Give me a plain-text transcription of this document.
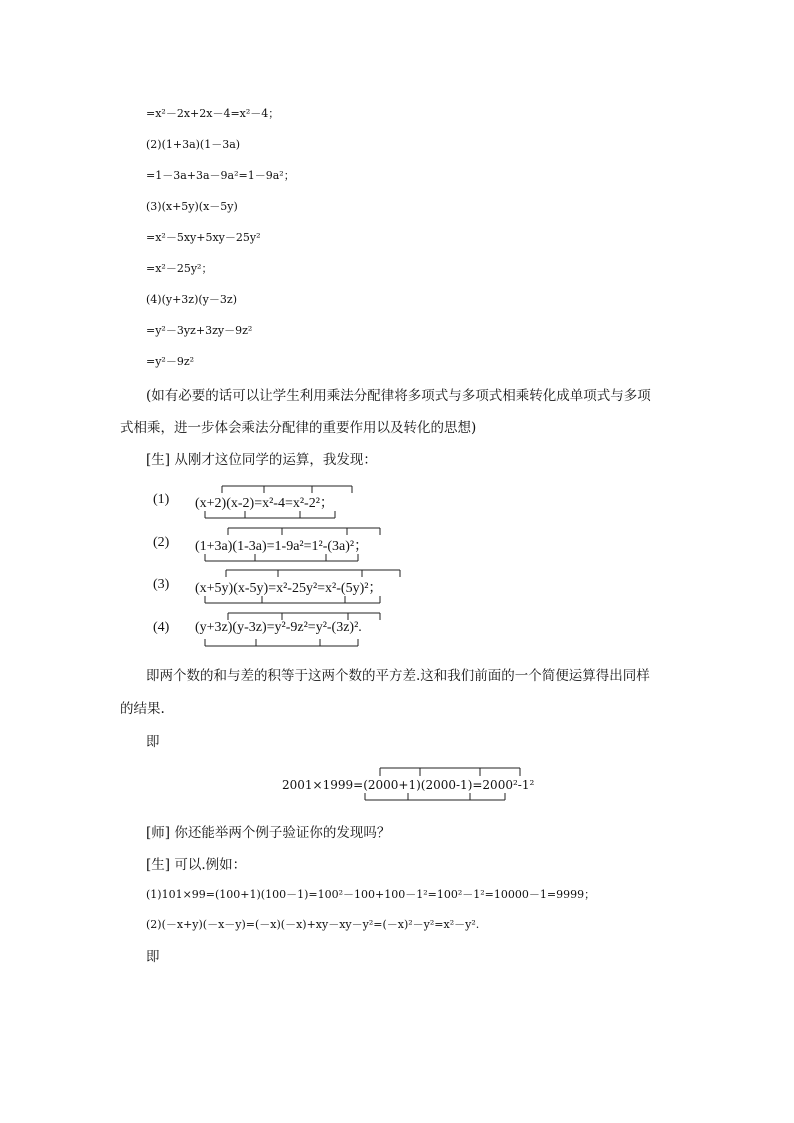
=x²－2x+2x－4=x²－4；
(2)(1+3a)(1－3a)
=1－3a+3a－9a²=1－9a²；
(3)(x+5y)(x－5y)
=x²－5xy+5xy－25y²
=x²－25y²；
(4)(y+3z)(y－3z)
=y²－3yz+3zy－9z²
=y²－9z²
(如有必要的话可以让学生利用乘法分配律将多项式与多项式相乘转化成单项式与多项
式相乘，进一步体会乘法分配律的重要作用以及转化的思想)
[生] 从刚才这位同学的运算，我发现：
(1) (x+2)(x-2)=x²-4=x²-2²；
(2) (1+3a)(1-3a)=1-9a²=1²-(3a)²；
(3) (x+5y)(x-5y)=x²-25y²=x²-(5y)²；
(4) (y+3z)(y-3z)=y²-9z²=y²-(3z)².
即两个数的和与差的积等于这两个数的平方差.这和我们前面的一个简便运算得出同样
的结果.
即
2001×1999=(2000+1)(2000-1)=2000²-1²
[师] 你还能举两个例子验证你的发现吗？
[生] 可以.例如：
(1)101×99=(100+1)(100－1)=100²－100+100－1²=100²－1²=10000－1=9999；
(2)(－x+y)(－x－y)=(－x)(－x)+xy－xy－y²=(－x)²－y²=x²－y².
即
